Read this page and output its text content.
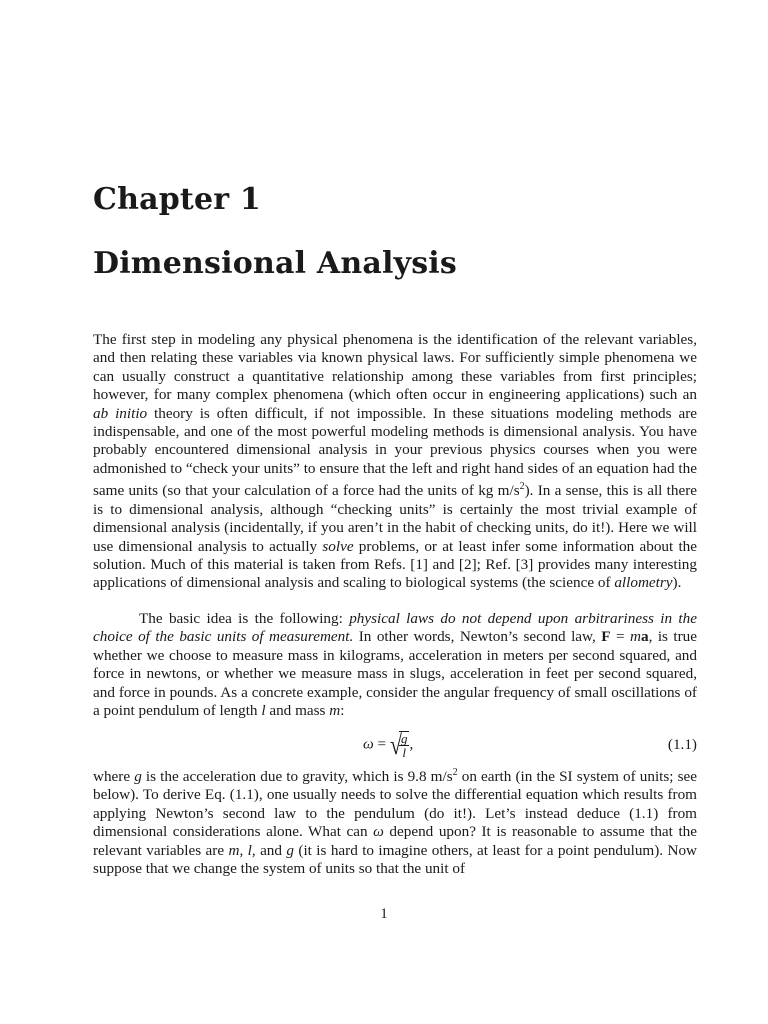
Chapter 1
Dimensional Analysis

The first step in modeling any physical phenomena is the identification of the relevant variables, and then relating these variables via known physical laws. For sufficiently simple phenomena we can usually construct a quantitative relationship among these variables from first principles; however, for many complex phenomena (which often occur in engineering applications) such an ab initio theory is often difficult, if not impossible. In these situations modeling methods are indispensable, and one of the most powerful modeling methods is dimensional analysis. You have probably encountered dimensional analysis in your previous physics courses when you were admonished to “check your units” to ensure that the left and right hand sides of an equation had the same units (so that your calculation of a force had the units of kg $m/s^2$). In a sense, this is all there is to dimensional analysis, although “checking units” is certainly the most trivial example of dimensional analysis (incidentally, if you aren’t in the habit of checking units, do it!). Here we will use dimensional analysis to actually solve problems, or at least infer some information about the solution. Much of this material is taken from Refs. [1] and [2]; Ref. [3] provides many interesting applications of dimensional analysis and scaling to biological systems (the science of allometry).

The basic idea is the following: physical laws do not depend upon arbitrariness in the choice of the basic units of measurement. In other words, Newton’s second law, F = ma, is true whether we choose to measure mass in kilograms, acceleration in meters per second squared, and force in newtons, or whether we measure mass in slugs, acceleration in feet per second squared, and force in pounds. As a concrete example, consider the angular frequency of small oscillations of a point pendulum of length l and mass m:

ω = √
$\frac{g}{l}$ ,	(1.1)

where g is the acceleration due to gravity, which is 9.8 $m/s^2$ on earth (in the SI system of units; see below). To derive Eq. (1.1), one usually needs to solve the differential equation which results from applying Newton’s second law to the pendulum (do it!). Let’s instead deduce (1.1) from dimensional considerations alone. What can ω depend upon? It is reasonable to assume that the relevant variables are m, l, and g (it is hard to imagine others, at least for a point pendulum). Now suppose that we change the system of units so that the unit of

1
